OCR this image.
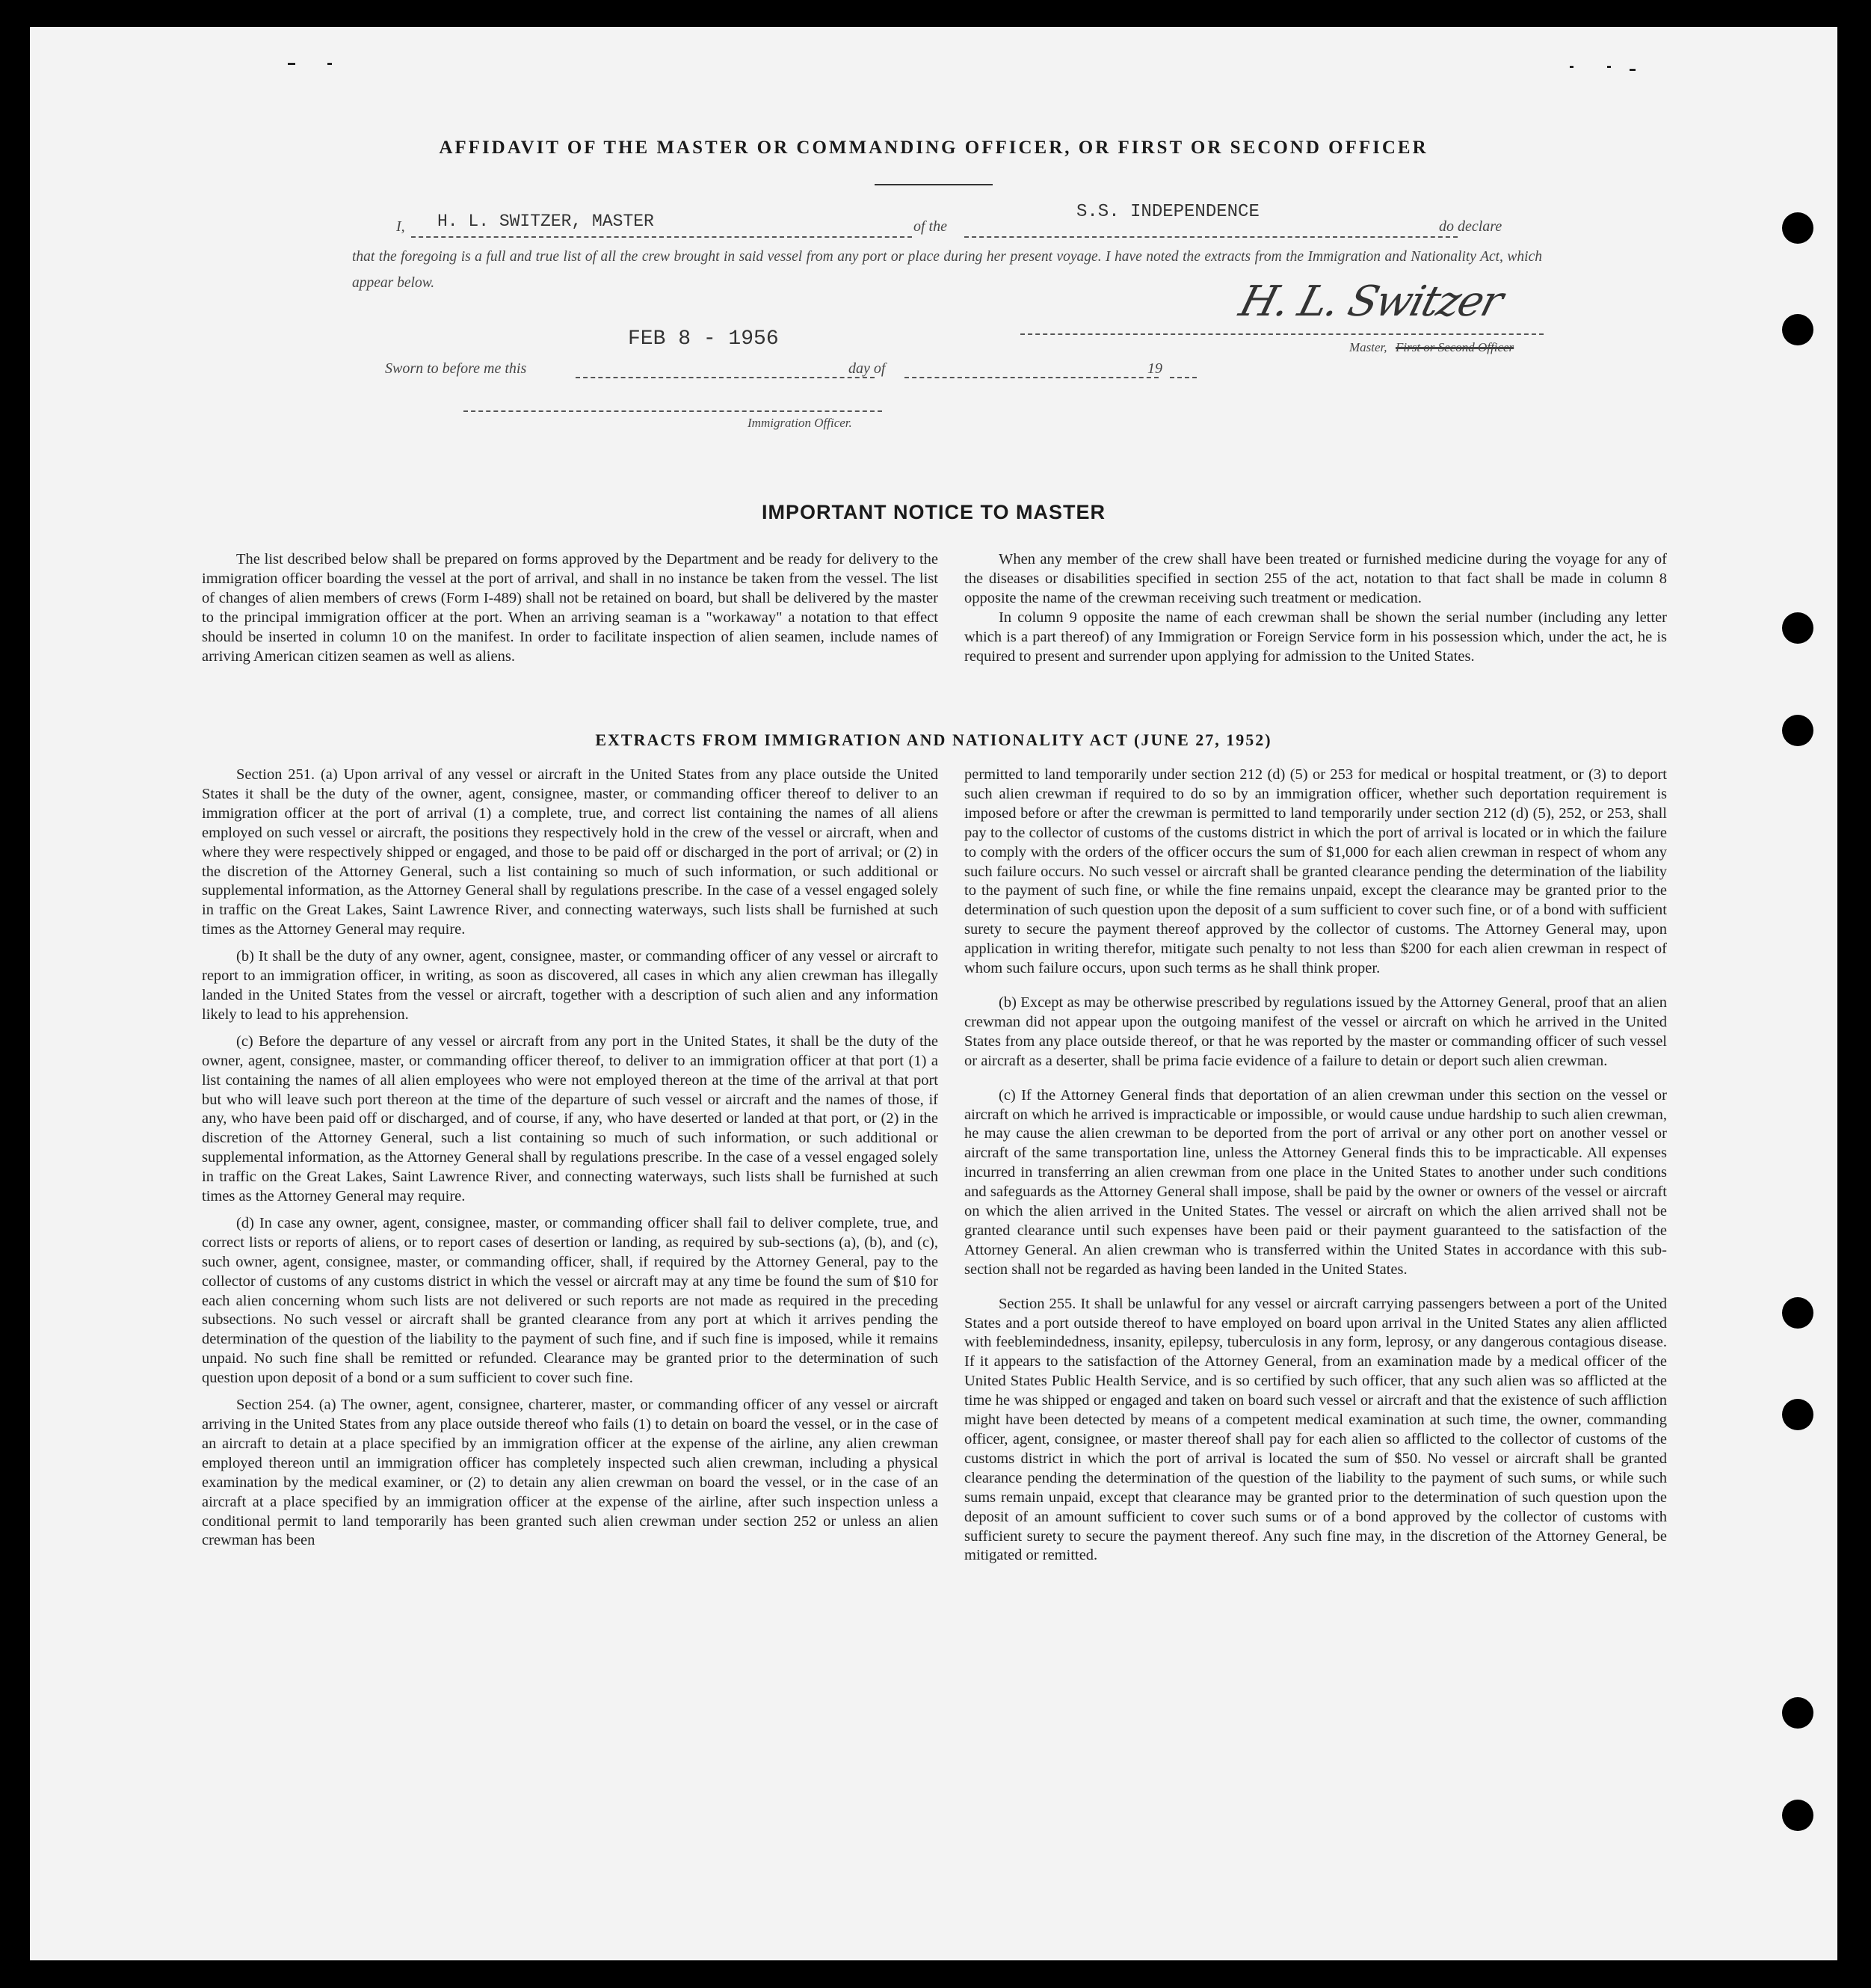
AFFIDAVIT OF THE MASTER OR COMMANDING OFFICER, OR FIRST OR SECOND OFFICER
I, H. L. SWITZER, MASTER	of the
S.S. INDEPENDENCE
do declare
that the foregoing is a full and true list of all the crew brought in said vessel from any port or place during her present voyage. I have noted the extracts from the Immigration and Nationality Act, which appear below.
FEB 8 - 1956
Sworn to before me this	day of	19
H. L. Switzer
Master, First or Second Officer
Immigration Officer.
IMPORTANT NOTICE TO MASTER

The list described below shall be prepared on forms approved by the Department and be ready for delivery to the immigration officer boarding the vessel at the port of arrival, and shall in no instance be taken from the vessel. The list of changes of alien members of crews (Form I-489) shall not be retained on board, but shall be delivered by the master to the principal immigration officer at the port. When an arriving seaman is a "workaway" a notation to that effect should be inserted in column 10 on the manifest. In order to facilitate inspection of alien seamen, include names of arriving American citizen seamen as well as aliens.

When any member of the crew shall have been treated or furnished medicine during the voyage for any of the diseases or disabilities specified in section 255 of the act, notation to that fact shall be made in column 8 opposite the name of the crewman receiving such treatment or medication.

In column 9 opposite the name of each crewman shall be shown the serial number (including any letter which is a part thereof) of any Immigration or Foreign Service form in his possession which, under the act, he is required to present and surrender upon applying for admission to the United States.

EXTRACTS FROM IMMIGRATION AND NATIONALITY ACT (JUNE 27, 1952)

Section 251. (a) Upon arrival of any vessel or aircraft in the United States from any place outside the United States it shall be the duty of the owner, agent, consignee, master, or commanding officer thereof to deliver to an immigration officer at the port of arrival (1) a complete, true, and correct list containing the names of all aliens employed on such vessel or aircraft, the positions they respectively hold in the crew of the vessel or aircraft, when and where they were respectively shipped or engaged, and those to be paid off or discharged in the port of arrival; or (2) in the discretion of the Attorney General, such a list containing so much of such information, or such additional or supplemental information, as the Attorney General shall by regulations prescribe. In the case of a vessel engaged solely in traffic on the Great Lakes, Saint Lawrence River, and connecting waterways, such lists shall be furnished at such times as the Attorney General may require.

(b) It shall be the duty of any owner, agent, consignee, master, or commanding officer of any vessel or aircraft to report to an immigration officer, in writing, as soon as discovered, all cases in which any alien crewman has illegally landed in the United States from the vessel or aircraft, together with a description of such alien and any information likely to lead to his apprehension.

(c) Before the departure of any vessel or aircraft from any port in the United States, it shall be the duty of the owner, agent, consignee, master, or commanding officer thereof, to deliver to an immigration officer at that port (1) a list containing the names of all alien employees who were not employed thereon at the time of the arrival at that port but who will leave such port thereon at the time of the departure of such vessel or aircraft and the names of those, if any, who have been paid off or discharged, and of course, if any, who have deserted or landed at that port, or (2) in the discretion of the Attorney General, such a list containing so much of such information, or such additional or supplemental information, as the Attorney General shall by regulations prescribe. In the case of a vessel engaged solely in traffic on the Great Lakes, Saint Lawrence River, and connecting waterways, such lists shall be furnished at such times as the Attorney General may require.

(d) In case any owner, agent, consignee, master, or commanding officer shall fail to deliver complete, true, and correct lists or reports of aliens, or to report cases of desertion or landing, as required by sub-sections (a), (b), and (c), such owner, agent, consignee, master, or commanding officer, shall, if required by the Attorney General, pay to the collector of customs of any customs district in which the vessel or aircraft may at any time be found the sum of $10 for each alien concerning whom such lists are not delivered or such reports are not made as required in the preceding subsections. No such vessel or aircraft shall be granted clearance from any port at which it arrives pending the determination of the question of the liability to the payment of such fine, and if such fine is imposed, while it remains unpaid. No such fine shall be remitted or refunded. Clearance may be granted prior to the determination of such question upon deposit of a bond or a sum sufficient to cover such fine.

Section 254. (a) The owner, agent, consignee, charterer, master, or commanding officer of any vessel or aircraft arriving in the United States from any place outside thereof who fails (1) to detain on board the vessel, or in the case of an aircraft to detain at a place specified by an immigration officer at the expense of the airline, any alien crewman employed thereon until an immigration officer has completely inspected such alien crewman, including a physical examination by the medical examiner, or (2) to detain any alien crewman on board the vessel, or in the case of an aircraft at a place specified by an immigration officer at the expense of the airline, after such inspection unless a conditional permit to land temporarily has been granted such alien crewman under section 252 or unless an alien crewman has been

permitted to land temporarily under section 212 (d) (5) or 253 for medical or hospital treatment, or (3) to deport such alien crewman if required to do so by an immigration officer, whether such deportation requirement is imposed before or after the crewman is permitted to land temporarily under section 212 (d) (5), 252, or 253, shall pay to the collector of customs of the customs district in which the port of arrival is located or in which the failure to comply with the orders of the officer occurs the sum of $1,000 for each alien crewman in respect of whom any such failure occurs. No such vessel or aircraft shall be granted clearance pending the determination of the liability to the payment of such fine, or while the fine remains unpaid, except the clearance may be granted prior to the determination of such question upon the deposit of a sum sufficient to cover such fine, or of a bond with sufficient surety to secure the payment thereof approved by the collector of customs. The Attorney General may, upon application in writing therefor, mitigate such penalty to not less than $200 for each alien crewman in respect of whom such failure occurs, upon such terms as he shall think proper.

(b) Except as may be otherwise prescribed by regulations issued by the Attorney General, proof that an alien crewman did not appear upon the outgoing manifest of the vessel or aircraft on which he arrived in the United States from any place outside thereof, or that he was reported by the master or commanding officer of such vessel or aircraft as a deserter, shall be prima facie evidence of a failure to detain or deport such alien crewman.

(c) If the Attorney General finds that deportation of an alien crewman under this section on the vessel or aircraft on which he arrived is impracticable or impossible, or would cause undue hardship to such alien crewman, he may cause the alien crewman to be deported from the port of arrival or any other port on another vessel or aircraft of the same transportation line, unless the Attorney General finds this to be impracticable. All expenses incurred in transferring an alien crewman from one place in the United States to another under such conditions and safeguards as the Attorney General shall impose, shall be paid by the owner or owners of the vessel or aircraft on which the alien arrived in the United States. The vessel or aircraft on which the alien arrived shall not be granted clearance until such expenses have been paid or their payment guaranteed to the satisfaction of the Attorney General. An alien crewman who is transferred within the United States in accordance with this sub-section shall not be regarded as having been landed in the United States.

Section 255. It shall be unlawful for any vessel or aircraft carrying passengers between a port of the United States and a port outside thereof to have employed on board upon arrival in the United States any alien afflicted with feeblemindedness, insanity, epilepsy, tuberculosis in any form, leprosy, or any dangerous contagious disease. If it appears to the satisfaction of the Attorney General, from an examination made by a medical officer of the United States Public Health Service, and is so certified by such officer, that any such alien was so afflicted at the time he was shipped or engaged and taken on board such vessel or aircraft and that the existence of such affliction might have been detected by means of a competent medical examination at such time, the owner, commanding officer, agent, consignee, or master thereof shall pay for each alien so afflicted to the collector of customs of the customs district in which the port of arrival is located the sum of $50. No vessel or aircraft shall be granted clearance pending the determination of the question of the liability to the payment of such sums, or while such sums remain unpaid, except that clearance may be granted prior to the determination of such question upon the deposit of an amount sufficient to cover such sums or of a bond approved by the collector of customs with sufficient surety to secure the payment thereof. Any such fine may, in the discretion of the Attorney General, be mitigated or remitted.
